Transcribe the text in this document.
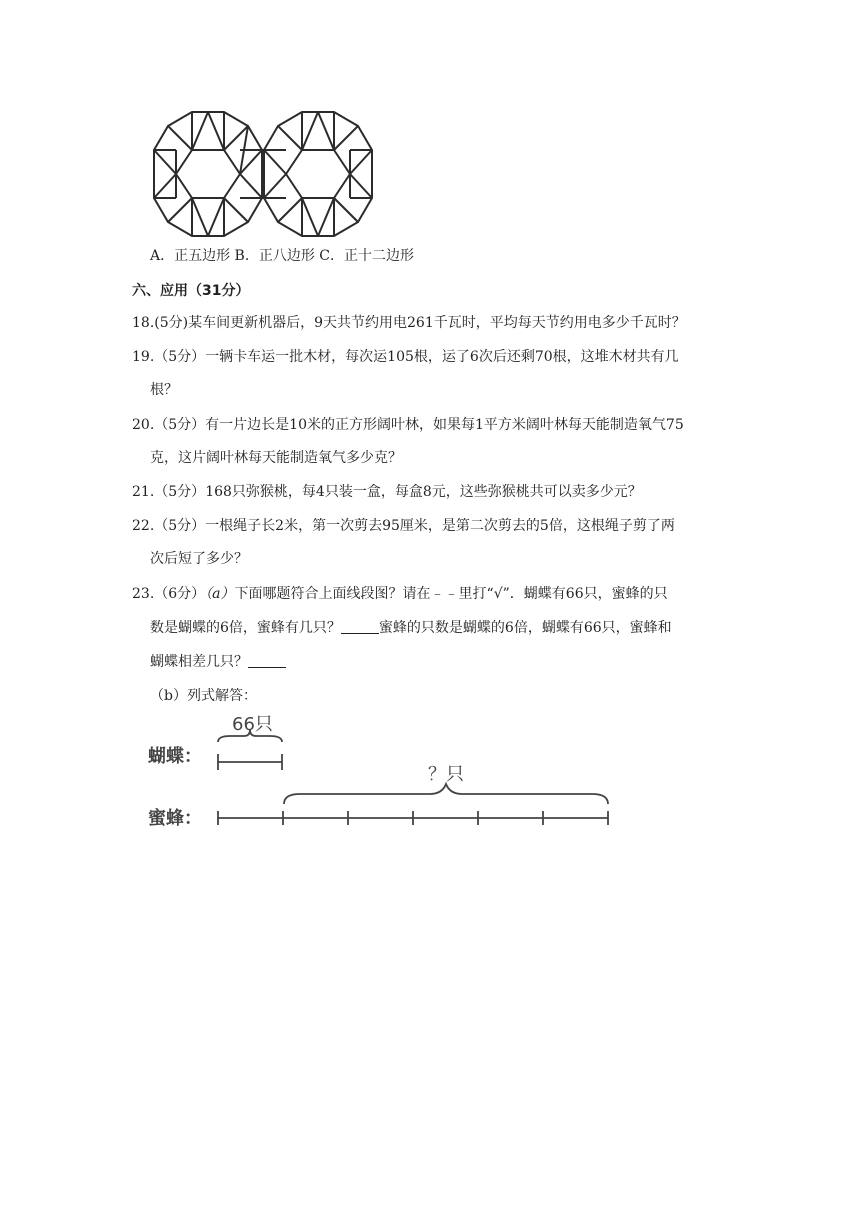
A．正五边形 B．正八边形 C．正十二边形
六、应用（31分）
18.(5分)某车间更新机器后，9天共节约用电261千瓦时，平均每天节约用电多少千瓦时？
19.（5分）一辆卡车运一批木材，每次运105根，运了6次后还剩70根，这堆木材共有几
根？
20.（5分）有一片边长是10米的正方形阔叶林，如果每1平方米阔叶林每天能制造氧气75
克，这片阔叶林每天能制造氧气多少克？
21.（5分）168只弥猴桃，每4只装一盒，每盒8元，这些弥猴桃共可以卖多少元？
22.（5分）一根绳子长2米，第一次剪去95厘米，是第二次剪去的5倍，这根绳子剪了两
次后短了多少？
23.（6分）（a）下面哪题符合上面线段图？请在﹣﹣里打“√”．蝴蝶有66只，蜜蜂的只
数是蝴蝶的6倍，蜜蜂有几只？	蜜蜂的只数是蝴蝶的6倍，蝴蝶有66只，蜜蜂和
蝴蝶相差几只？
（b）列式解答：
蝴蝶：
蜜蜂：
66只
？只
